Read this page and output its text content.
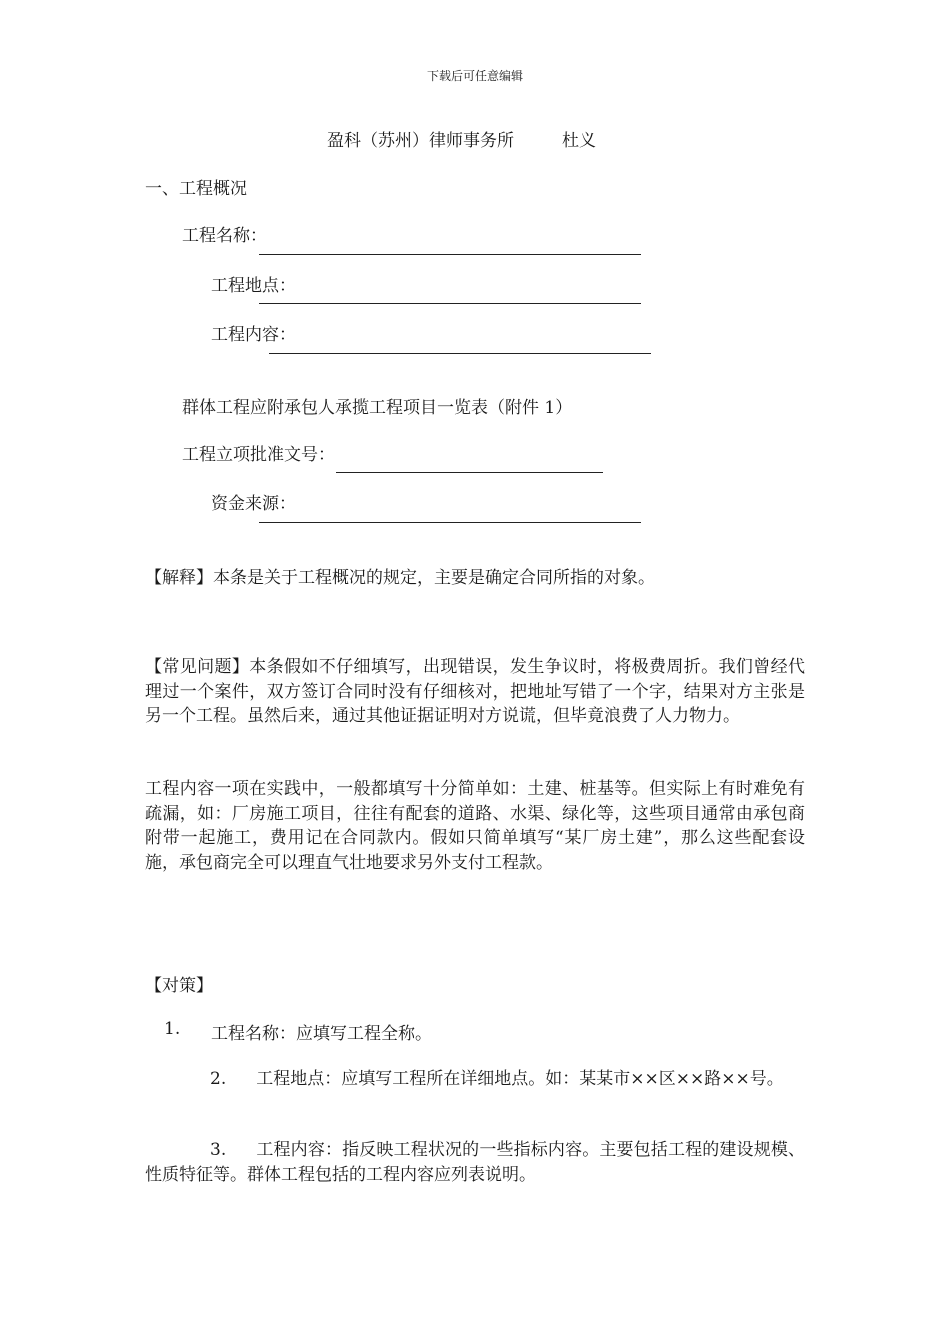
下载后可任意编辑
盈科（苏州）律师事务所	杜义
一、工程概况
工程名称：
工程地点：
工程内容：
群体工程应附承包人承揽工程项目一览表（附件 1）
工程立项批准文号：
资金来源：
【解释】本条是关于工程概况的规定，主要是确定合同所指的对象。
【常见问题】本条假如不仔细填写，出现错误，发生争议时，将极费周折。我们曾经代理过一个案件，双方签订合同时没有仔细核对，把地址写错了一个字，结果对方主张是另一个工程。虽然后来，通过其他证据证明对方说谎，但毕竟浪费了人力物力。
工程内容一项在实践中，一般都填写十分简单如：土建、桩基等。但实际上有时难免有疏漏，如：厂房施工项目，往往有配套的道路、水渠、绿化等，这些项目通常由承包商附带一起施工，费用记在合同款内。假如只简单填写“某厂房土建”，那么这些配套设施，承包商完全可以理直气壮地要求另外支付工程款。
【对策】
1. 工程名称：应填写工程全称。
2. 工程地点：应填写工程所在详细地点。如：某某市××区××路××号。
3. 工程内容：指反映工程状况的一些指标内容。主要包括工程的建设规模、性质特征等。群体工程包括的工程内容应列表说明。
